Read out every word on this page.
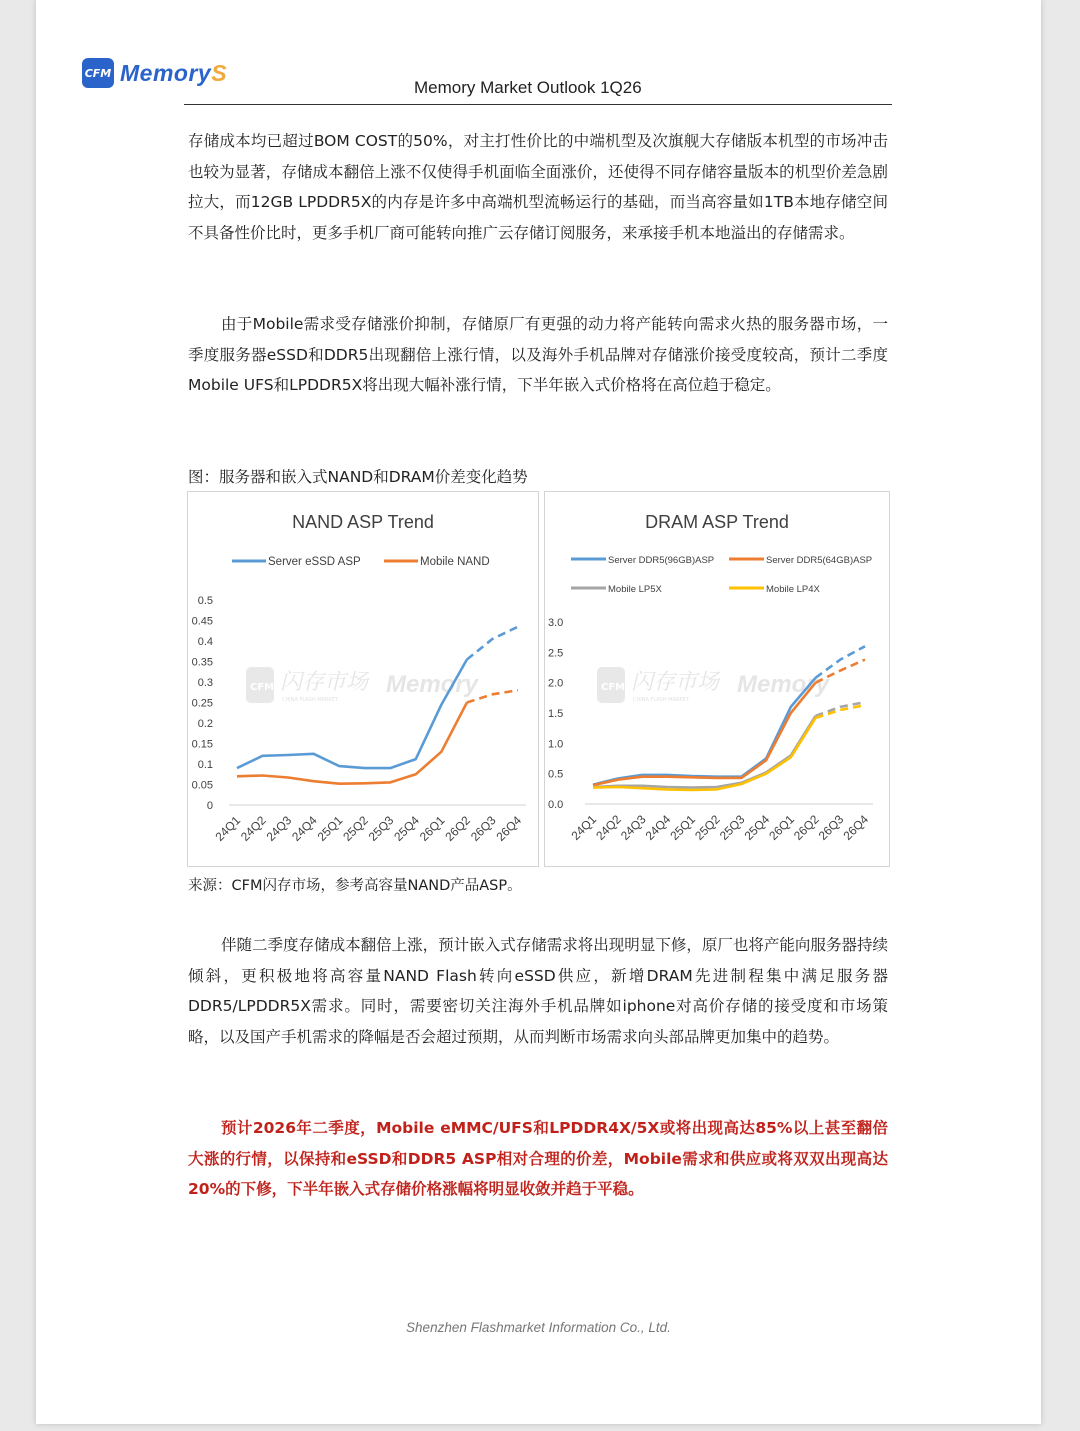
CFM MemoryS
Memory Market Outlook 1Q26

存储成本均已超过BOM COST的50%，对主打性价比的中端机型及次旗舰大存储版本机型的市场冲击也较为显著，存储成本翻倍上涨不仅使得手机面临全面涨价，还使得不同存储容量版本的机型价差急剧拉大，而12GB LPDDR5X的内存是许多中高端机型流畅运行的基础，而当高容量如1TB本地存储空间不具备性价比时，更多手机厂商可能转向推广云存储订阅服务，来承接手机本地溢出的存储需求。

由于Mobile需求受存储涨价抑制，存储原厂有更强的动力将产能转向需求火热的服务器市场，一季度服务器eSSD和DDR5出现翻倍上涨行情，以及海外手机品牌对存储涨价接受度较高，预计二季度Mobile UFS和LPDDR5X将出现大幅补涨行情，下半年嵌入式价格将在高位趋于稳定。

图：服务器和嵌入式NAND和DRAM价差变化趋势
NAND ASP Trend
CFM 闪存市场
CHINA FLASH MARKET
Memory
Server eSSD ASP	Mobile NAND
0
0.05
0.1
0.15
0.2
0.25
0.3
0.35
0.4
0.45
0.5
24Q1
24Q2
24Q3
24Q4
25Q1
25Q2
25Q3
25Q4
26Q1
26Q2
26Q3
26Q4
DRAM ASP Trend
CFM 闪存市场
CHINA FLASH MARKET
Memory
Server DDR5(96GB)ASP	Server DDR5(64GB)ASP
Mobile LP5X	Mobile LP4X
0.0
0.5
1.0
1.5
2.0
2.5
3.0
24Q1
24Q2
24Q3
24Q4
25Q1
25Q2
25Q3
25Q4
26Q1
26Q2
26Q3
26Q4
来源：CFM闪存市场，参考高容量NAND产品ASP。

伴随二季度存储成本翻倍上涨，预计嵌入式存储需求将出现明显下修，原厂也将产能向服务器持续倾斜，更积极地将高容量NAND Flash转向eSSD供应，新增DRAM先进制程集中满足服务器DDR5/LPDDR5X需求。同时，需要密切关注海外手机品牌如iphone对高价存储的接受度和市场策略，以及国产手机需求的降幅是否会超过预期，从而判断市场需求向头部品牌更加集中的趋势。

预计2026年二季度，Mobile eMMC/UFS和LPDDR4X/5X或将出现高达85%以上甚至翻倍大涨的行情，以保持和eSSD和DDR5 ASP相对合理的价差，Mobile需求和供应或将双双出现高达20%的下修，下半年嵌入式存储价格涨幅将明显收敛并趋于平稳。

Shenzhen Flashmarket Information Co., Ltd.
